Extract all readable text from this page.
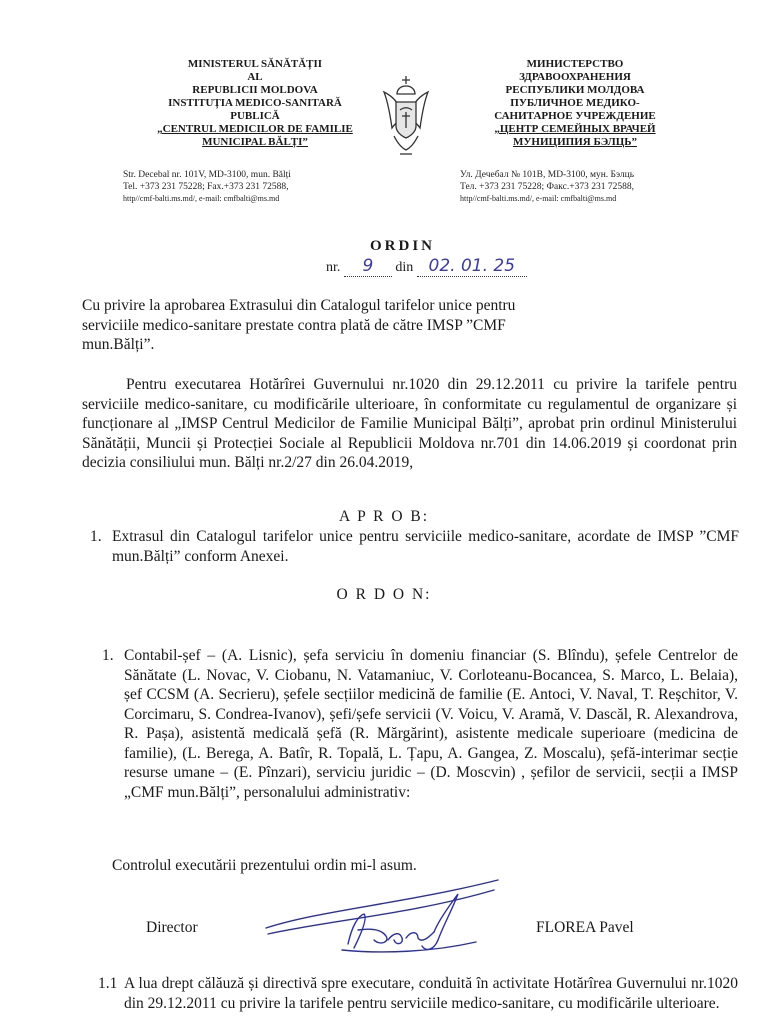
MINISTERUL SĂNĂTĂȚII
AL
REPUBLICII MOLDOVA
INSTITUȚIA MEDICO-SANITARĂ
PUBLICĂ
„CENTRUL MEDICILOR DE FAMILIE
MUNICIPAL BĂLȚI”
Str. Decebal nr. 101V, MD-3100, mun. Bălți
Tel. +373 231 75228; Fax.+373 231 72588,
http//cmf-balti.ms.md/, e-mail: cmfbalti@ms.md
МИНИСТЕРСТВО
ЗДРАВООХРАНЕНИЯ
РЕСПУБЛИКИ МОЛДОВА
ПУБЛИЧНОЕ МЕДИКО-
САНИТАРНОЕ УЧРЕЖДЕНИЕ
„ЦЕНТР СЕМЕЙНЫХ ВРАЧЕЙ
МУНИЦИПИЯ БЭЛЦЬ”
Ул. Дечебал № 101В, MD-3100, мун. Бэлць
Тел. +373 231 75228; Факс.+373 231 72588,
http//cmf-balti.ms.md/, e-mail: cmfbalti@ms.md
ORDIN
nr. 9 din 02. 01. 25
Cu privire la aprobarea Extrasului din Catalogul tarifelor unice pentru serviciile medico-sanitare prestate contra plată de către IMSP ”CMF mun.Bălți”.
Pentru executarea Hotărîrei Guvernului nr.1020 din 29.12.2011 cu privire la tarifele pentru serviciile medico-sanitare, cu modificările ulterioare, în conformitate cu regulamentul de organizare și funcționare al „IMSP Centrul Medicilor de Familie Municipal Bălți”, aprobat prin ordinul Ministerului Sănătății, Muncii și Protecției Sociale al Republicii Moldova nr.701 din 14.06.2019 și coordonat prin decizia consiliului mun. Bălți nr.2/27 din 26.04.2019,
A P R O B:
1. Extrasul din Catalogul tarifelor unice pentru serviciile medico-sanitare, acordate de IMSP ”CMF mun.Bălți” conform Anexei.
O R D O N:
1. Contabil-șef – (A. Lisnic), șefa serviciu în domeniu financiar (S. Blîndu), șefele Centrelor de Sănătate (L. Novac, V. Ciobanu, N. Vatamaniuc, V. Corloteanu-Bocancea, S. Marco, L. Belaia), șef CCSM (A. Secrieru), șefele secțiilor medicină de familie (E. Antoci, V. Naval, T. Reșchitor, V. Corcimaru, S. Condrea-Ivanov), șefi/șefe servicii (V. Voicu, V. Aramă, V. Dascăl, R. Alexandrova, R. Pașa), asistentă medicală șefă (R. Mărgărint), asistente medicale superioare (medicina de familie), (L. Berega, A. Batîr, R. Topală, L. Țapu, A. Gangea, Z. Moscalu), șefă-interimar secție resurse umane – (E. Pînzari), serviciu juridic – (D. Moscvin) , șefilor de servicii, secții a IMSP „CMF mun.Bălți”, personalului administrativ:
1.1 A lua drept călăuză și directivă spre executare, conduită în activitate Hotărîrea Guvernului nr.1020 din 29.12.2011 cu privire la tarifele pentru serviciile medico-sanitare, cu modificările ulterioare.
Controlul executării prezentului ordin mi-l asum.
Director	FLOREA Pavel
